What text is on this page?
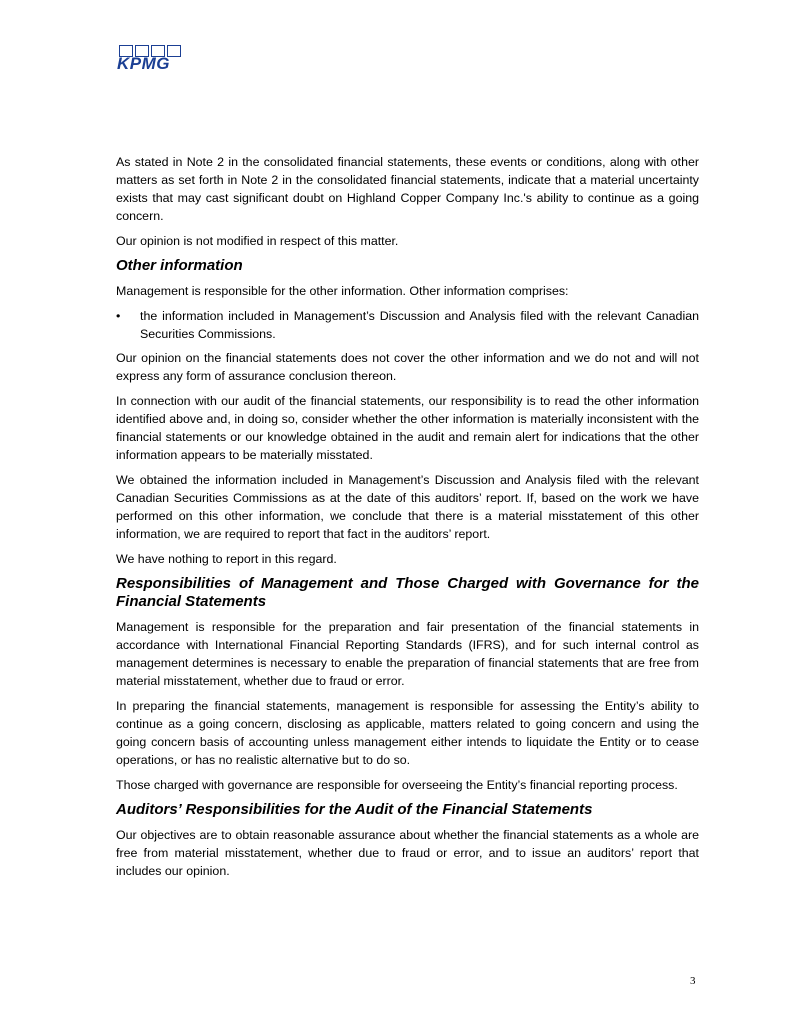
KPMG

As stated in Note 2 in the consolidated financial statements, these events or conditions, along with other matters as set forth in Note 2 in the consolidated financial statements, indicate that a material uncertainty exists that may cast significant doubt on Highland Copper Company Inc.'s ability to continue as a going concern.

Our opinion is not modified in respect of this matter.

Other information

Management is responsible for the other information. Other information comprises:

•	the information included in Management’s Discussion and Analysis filed with the relevant Canadian Securities Commissions.

Our opinion on the financial statements does not cover the other information and we do not and will not express any form of assurance conclusion thereon.

In connection with our audit of the financial statements, our responsibility is to read the other information identified above and, in doing so, consider whether the other information is materially inconsistent with the financial statements or our knowledge obtained in the audit and remain alert for indications that the other information appears to be materially misstated.

We obtained the information included in Management’s Discussion and Analysis filed with the relevant Canadian Securities Commissions as at the date of this auditors’ report. If, based on the work we have performed on this other information, we conclude that there is a material misstatement of this other information, we are required to report that fact in the auditors’ report.

We have nothing to report in this regard.

Responsibilities of Management and Those Charged with Governance for the Financial Statements

Management is responsible for the preparation and fair presentation of the financial statements in accordance with International Financial Reporting Standards (IFRS), and for such internal control as management determines is necessary to enable the preparation of financial statements that are free from material misstatement, whether due to fraud or error.

In preparing the financial statements, management is responsible for assessing the Entity’s ability to continue as a going concern, disclosing as applicable, matters related to going concern and using the going concern basis of accounting unless management either intends to liquidate the Entity or to cease operations, or has no realistic alternative but to do so.

Those charged with governance are responsible for overseeing the Entity’s financial reporting process.

Auditors’ Responsibilities for the Audit of the Financial Statements

Our objectives are to obtain reasonable assurance about whether the financial statements as a whole are free from material misstatement, whether due to fraud or error, and to issue an auditors’ report that includes our opinion.

3
